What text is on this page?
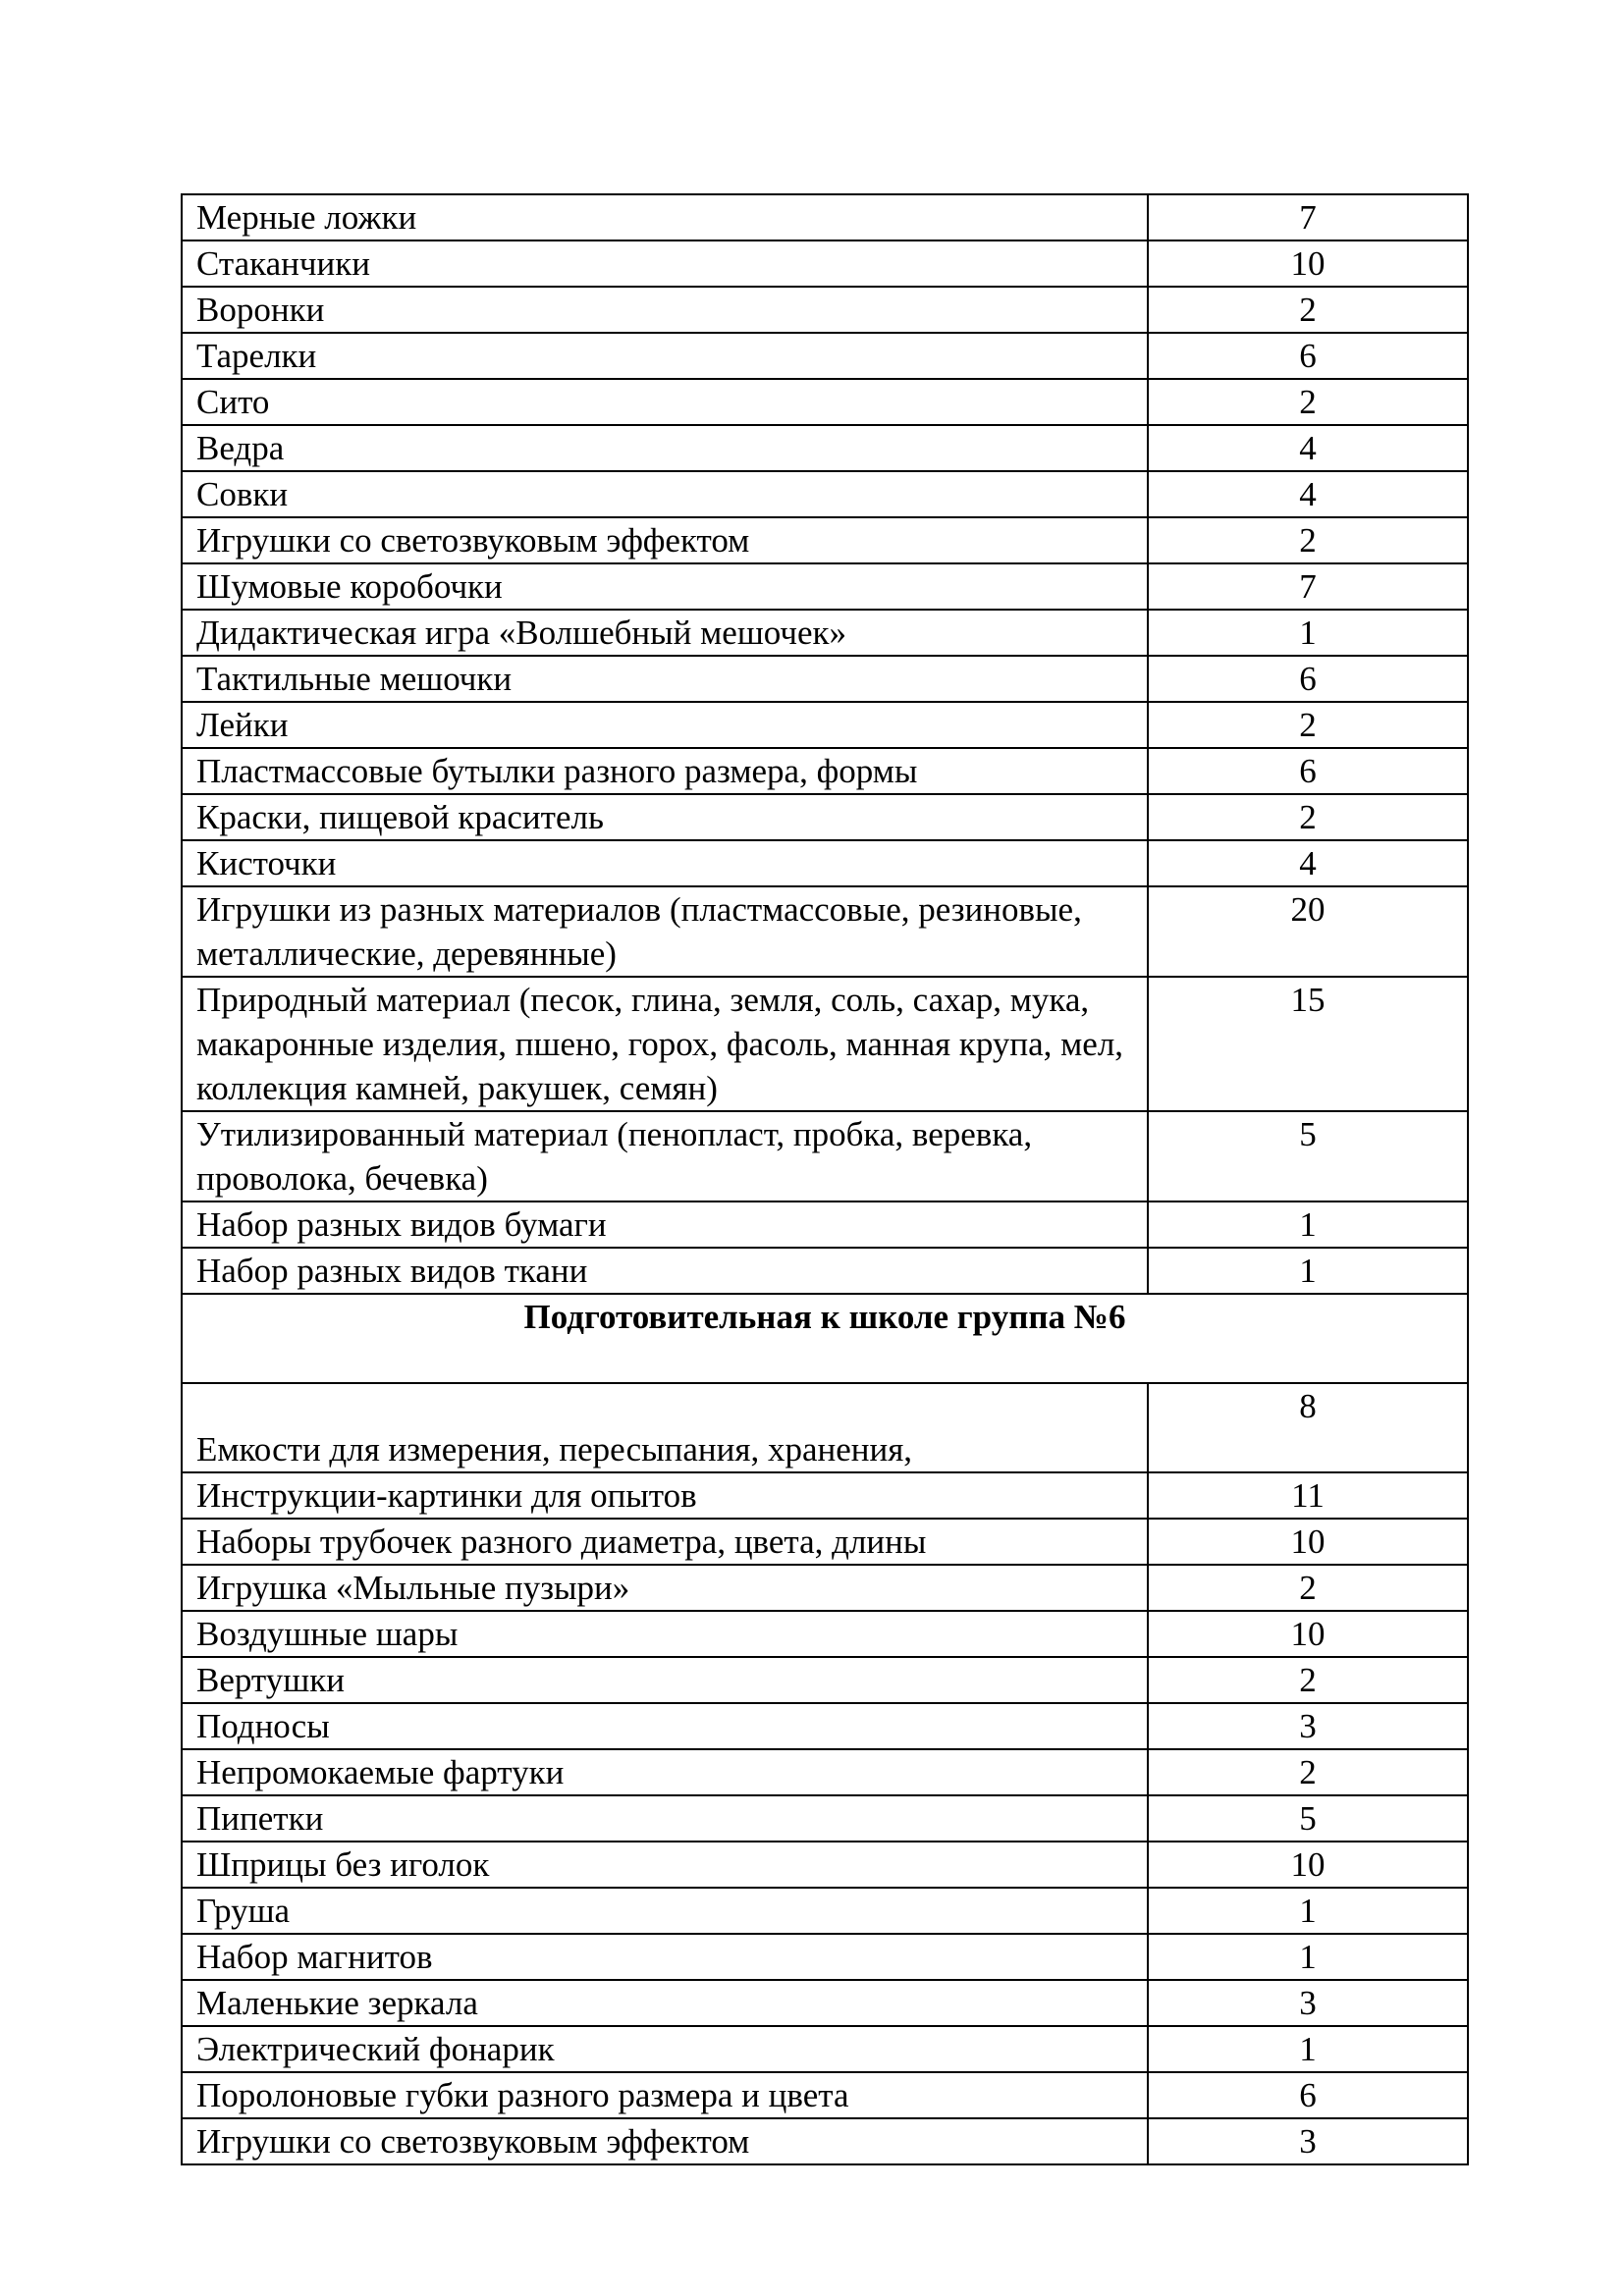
Мерные ложки	7
Стаканчики	10
Воронки	2
Тарелки	6
Сито	2
Ведра	4
Совки	4
Игрушки со светозвуковым эффектом	2
Шумовые коробочки	7
Дидактическая игра «Волшебный мешочек»	1
Тактильные мешочки	6
Лейки	2
Пластмассовые бутылки разного размера, формы	6
Краски, пищевой краситель	2
Кисточки	4
Игрушки из разных материалов (пластмассовые, резиновые, металлические, деревянные)	20
Природный материал (песок, глина, земля, соль, сахар, мука, макаронные изделия, пшено, горох, фасоль, манная крупа, мел, коллекция камней, ракушек, семян)	15
Утилизированный материал (пенопласт, пробка, веревка, проволока, бечевка)	5
Набор разных видов бумаги	1
Набор разных видов ткани	1
Подготовительная к школе группа №6	
Емкости для измерения, пересыпания, хранения,	8
Инструкции-картинки для опытов	11
Наборы трубочек разного диаметра, цвета, длины	10
Игрушка «Мыльные пузыри»	2
Воздушные шары	10
Вертушки	2
Подносы	3
Непромокаемые фартуки	2
Пипетки	5
Шприцы без иголок	10
Груша	1
Набор магнитов	1
Маленькие зеркала	3
Электрический фонарик	1
Поролоновые губки разного размера и цвета	6
Игрушки со светозвуковым эффектом	3
